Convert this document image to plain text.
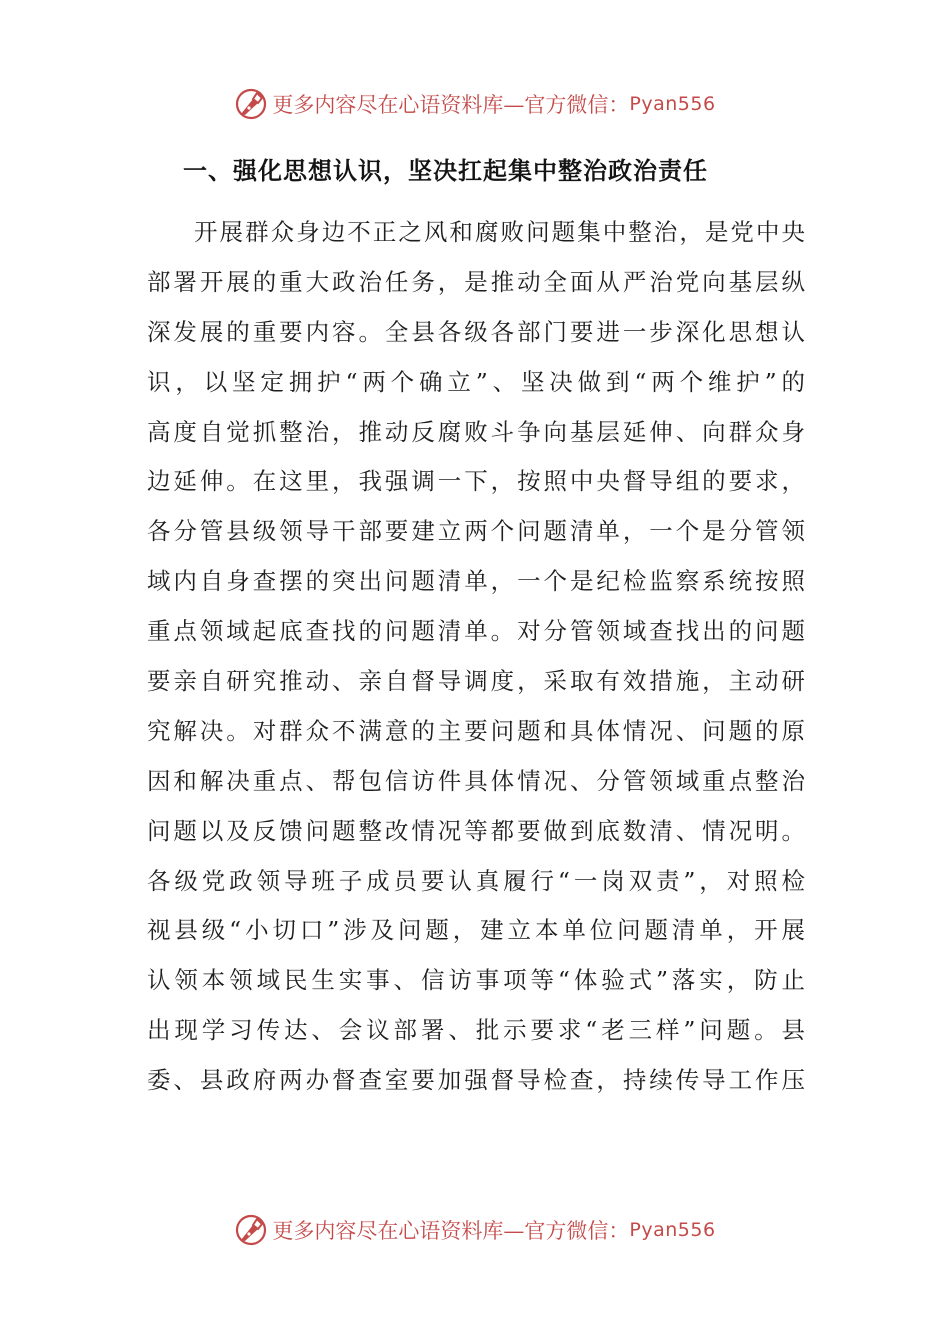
更多内容尽在心语资料库—官方微信： Pyan556
一、强化思想认识，坚决扛起集中整治政治责任
开展群众身边不正之风和腐败问题集中整治，是党中央
部署开展的重大政治任务，是推动全面从严治党向基层纵
深发展的重要内容。全县各级各部门要进一步深化思想认
识，以坚定拥护“两个确立”、坚决做到“两个维护”的
高度自觉抓整治，推动反腐败斗争向基层延伸、向群众身
边延伸。在这里，我强调一下，按照中央督导组的要求，
各分管县级领导干部要建立两个问题清单，一个是分管领
域内自身查摆的突出问题清单，一个是纪检监察系统按照
重点领域起底查找的问题清单。对分管领域查找出的问题
要亲自研究推动、亲自督导调度，采取有效措施，主动研
究解决。对群众不满意的主要问题和具体情况、问题的原
因和解决重点、帮包信访件具体情况、分管领域重点整治
问题以及反馈问题整改情况等都要做到底数清、情况明。
各级党政领导班子成员要认真履行“一岗双责”，对照检
视县级“小切口”涉及问题，建立本单位问题清单，开展
认领本领域民生实事、信访事项等“体验式”落实，防止
出现学习传达、会议部署、批示要求“老三样”问题。县
委、县政府两办督查室要加强督导检查，持续传导工作压
更多内容尽在心语资料库—官方微信： Pyan556
